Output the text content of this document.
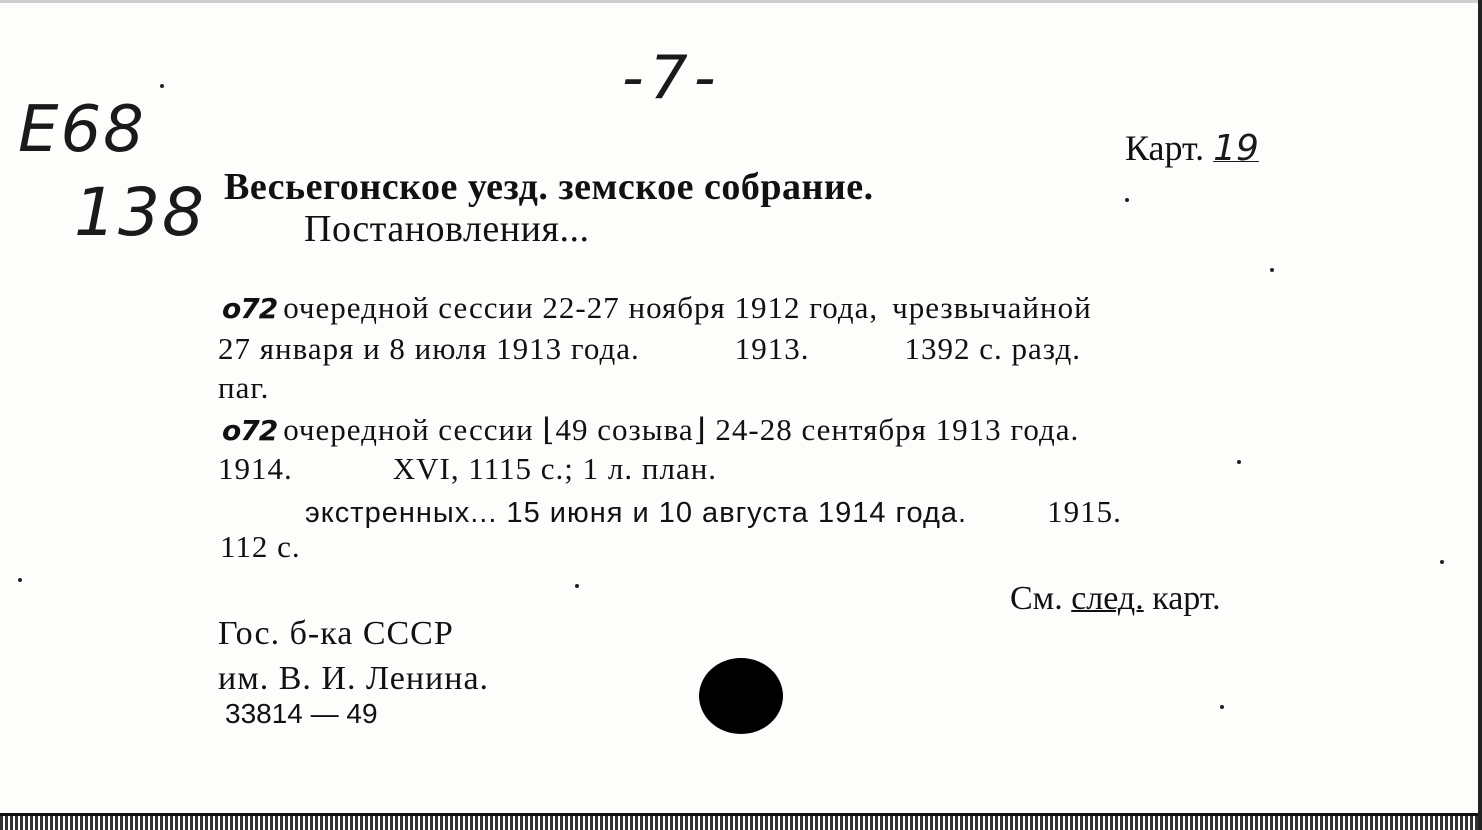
-7-
E68
138
Карт. 19
Весьегонское уезд. земское собрание.
Постановления...
о72 очередной сессии 22-27 ноября 1912 года, чрезвычайной
27 января и 8 июля 1913 года.	1913.	1392 с. разд.
паг.
о72 очередной сессии ⌊49 созыва⌋ 24-28 сентября 1913 года.
1914.	XVI, 1115 с.; 1 л. план.
экстренных... 15 июня и 10 августа 1914 года.	1915.
112 с.
См. след. карт.
Гос. б-ка СССР
им. В. И. Ленина.
33814 — 49
